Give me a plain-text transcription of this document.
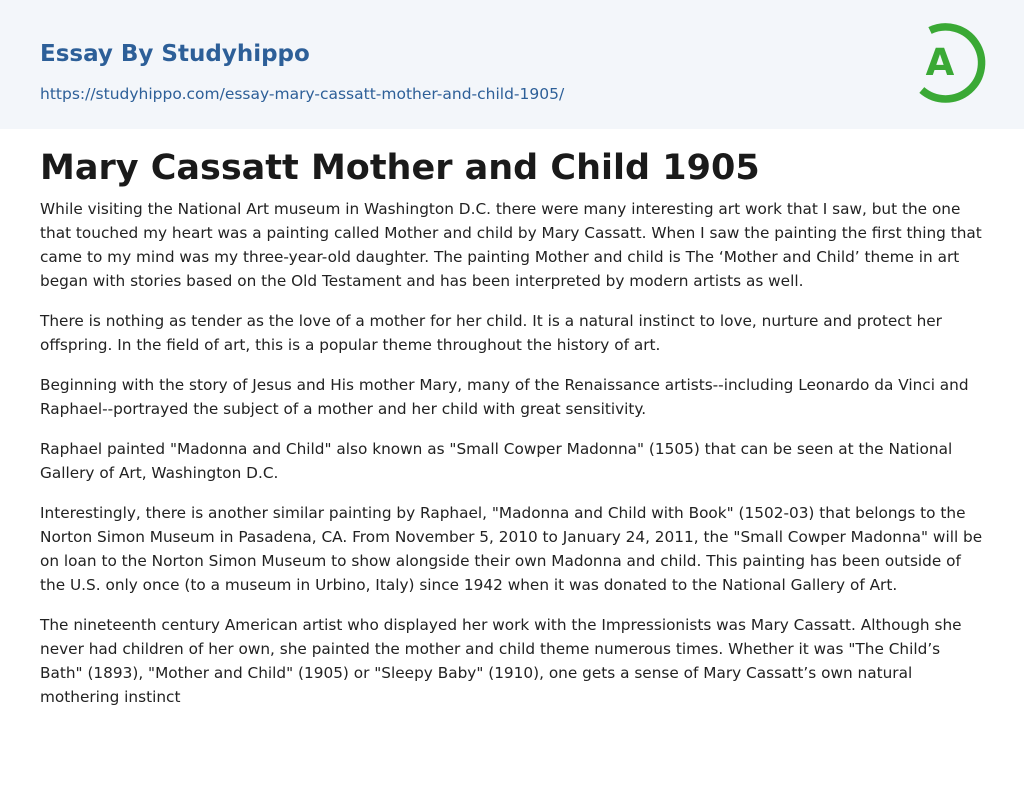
Essay By Studyhippo
https://studyhippo.com/essay-mary-cassatt-mother-and-child-1905/
A
Mary Cassatt Mother and Child 1905

While visiting the National Art museum in Washington D.C. there were many interesting art work that I saw, but the one that touched my heart was a painting called Mother and child by Mary Cassatt. When I saw the painting the first thing that came to my mind was my three-year-old daughter. The painting Mother and child is The ‘Mother and Child’ theme in art began with stories based on the Old Testament and has been interpreted by modern artists as well.

There is nothing as tender as the love of a mother for her child. It is a natural instinct to love, nurture and protect her offspring. In the field of art, this is a popular theme throughout the history of art.

Beginning with the story of Jesus and His mother Mary, many of the Renaissance artists--including Leonardo da Vinci and Raphael--portrayed the subject of a mother and her child with great sensitivity.

Raphael painted "Madonna and Child" also known as "Small Cowper Madonna" (1505) that can be seen at the National Gallery of Art, Washington D.C.

Interestingly, there is another similar painting by Raphael, "Madonna and Child with Book" (1502-03) that belongs to the Norton Simon Museum in Pasadena, CA. From November 5, 2010 to January 24, 2011, the "Small Cowper Madonna" will be on loan to the Norton Simon Museum to show alongside their own Madonna and child. This painting has been outside of the U.S. only once (to a museum in Urbino, Italy) since 1942 when it was donated to the National Gallery of Art.

The nineteenth century American artist who displayed her work with the Impressionists was Mary Cassatt. Although she never had children of her own, she painted the mother and child theme numerous times. Whether it was "The Child’s Bath" (1893), "Mother and Child" (1905) or "Sleepy Baby" (1910), one gets a sense of Mary Cassatt’s own natural mothering instinct
